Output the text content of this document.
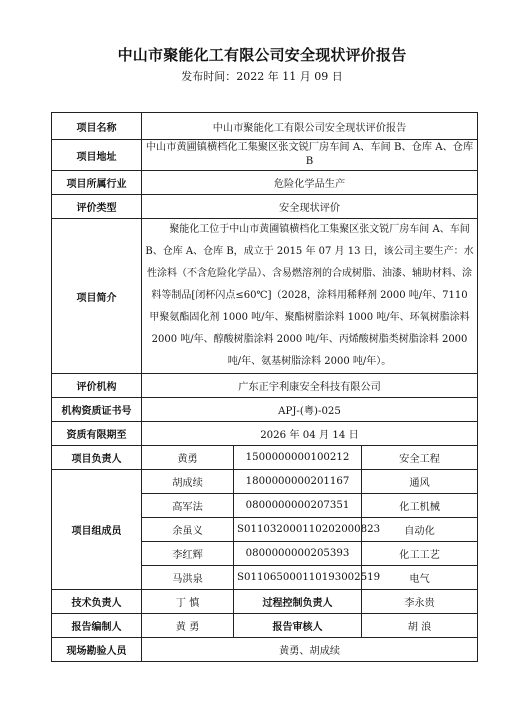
中山市聚能化工有限公司安全现状评价报告
发布时间：2022 年 11 月 09 日
项目名称	中山市聚能化工有限公司安全现状评价报告		
项目地址	中山市黄圃镇横档化工集聚区张文锐厂房车间 A、车间 B、仓库 A、仓库 B		
项目所属行业	危险化学品生产		
评价类型	安全现状评价		
项目简介	聚能化工位于中山市黄圃镇横档化工集聚区张文锐厂房车间 A、车间 B、仓库 A、仓库 B，成立于 2015 年 07 月 13 日，该公司主要生产：水性涂料（不含危险化学品）、含易燃溶剂的合成树脂、油漆、辅助材料、涂料等制品[闭杯闪点≤60℃]（2028，涂料用稀释剂 2000 吨/年、7110 甲聚氨酯固化剂 1000 吨/年、聚酯树脂涂料 1000 吨/年、环氧树脂涂料 2000 吨/年、醇酸树脂涂料 2000 吨/年、丙烯酸树脂类树脂涂料 2000 吨/年、氨基树脂涂料 2000 吨/年）。		
评价机构	广东正宇利康安全科技有限公司		
机构资质证书号	APJ-(粤)-025		
资质有限期至	2026 年 04 月 14 日		
项目负责人	黄勇	1500000000100212	安全工程
项目组成员	胡成续	1800000000201167	通风
	高军法	0800000000207351	化工机械
	余虽义	S011032000110202000823	自动化
	李红辉	0800000000205393	化工工艺
	马洪泉	S011065000110193002519	电气
技术负责人	丁 慎	过程控制负责人	李永贵
报告编制人	黄 勇	报告审核人	胡 浪
现场勘验人员	黄勇、胡成续		
